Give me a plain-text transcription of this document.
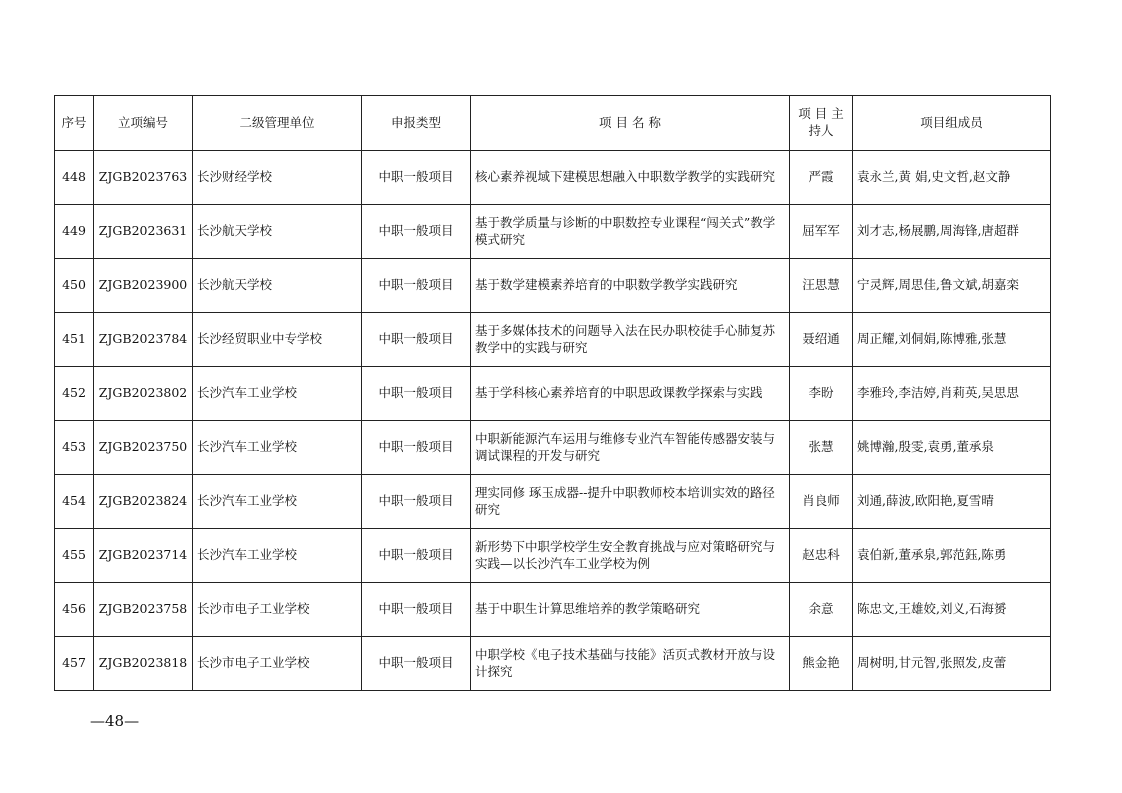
序号	立项编号	二级管理单位	申报类型	项 目 名 称	项 目 主持人	项目组成员
448	ZJGB2023763	长沙财经学校	中职一般项目	核心素养视域下建模思想融入中职数学教学的实践研究	严霞	袁永兰,黄 娟,史文哲,赵文静
449	ZJGB2023631	长沙航天学校	中职一般项目	基于教学质量与诊断的中职数控专业课程“闯关式”教学模式研究	屈军军	刘才志,杨展鹏,周海锋,唐超群
450	ZJGB2023900	长沙航天学校	中职一般项目	基于数学建模素养培育的中职数学教学实践研究	汪思慧	宁灵辉,周思佳,鲁文斌,胡嘉栾
451	ZJGB2023784	长沙经贸职业中专学校	中职一般项目	基于多媒体技术的问题导入法在民办职校徒手心肺复苏教学中的实践与研究	聂绍通	周正耀,刘侗娟,陈博雅,张慧
452	ZJGB2023802	长沙汽车工业学校	中职一般项目	基于学科核心素养培育的中职思政课教学探索与实践	李盼	李雅玲,李洁婷,肖莉英,吴思思
453	ZJGB2023750	长沙汽车工业学校	中职一般项目	中职新能源汽车运用与维修专业汽车智能传感器安装与调试课程的开发与研究	张慧	姚博瀚,殷雯,袁勇,董承泉
454	ZJGB2023824	长沙汽车工业学校	中职一般项目	理实同修 琢玉成器--提升中职教师校本培训实效的路径研究	肖良师	刘通,薛波,欧阳艳,夏雪晴
455	ZJGB2023714	长沙汽车工业学校	中职一般项目	新形势下中职学校学生安全教育挑战与应对策略研究与实践—以长沙汽车工业学校为例	赵忠科	袁伯新,董承泉,郭范鈺,陈勇
456	ZJGB2023758	长沙市电子工业学校	中职一般项目	基于中职生计算思维培养的教学策略研究	余意	陈忠文,王雄姣,刘义,石海赟
457	ZJGB2023818	长沙市电子工业学校	中职一般项目	中职学校《电子技术基础与技能》活页式教材开放与设计探究	熊金艳	周树明,甘元智,张照发,皮蕾
—48—
